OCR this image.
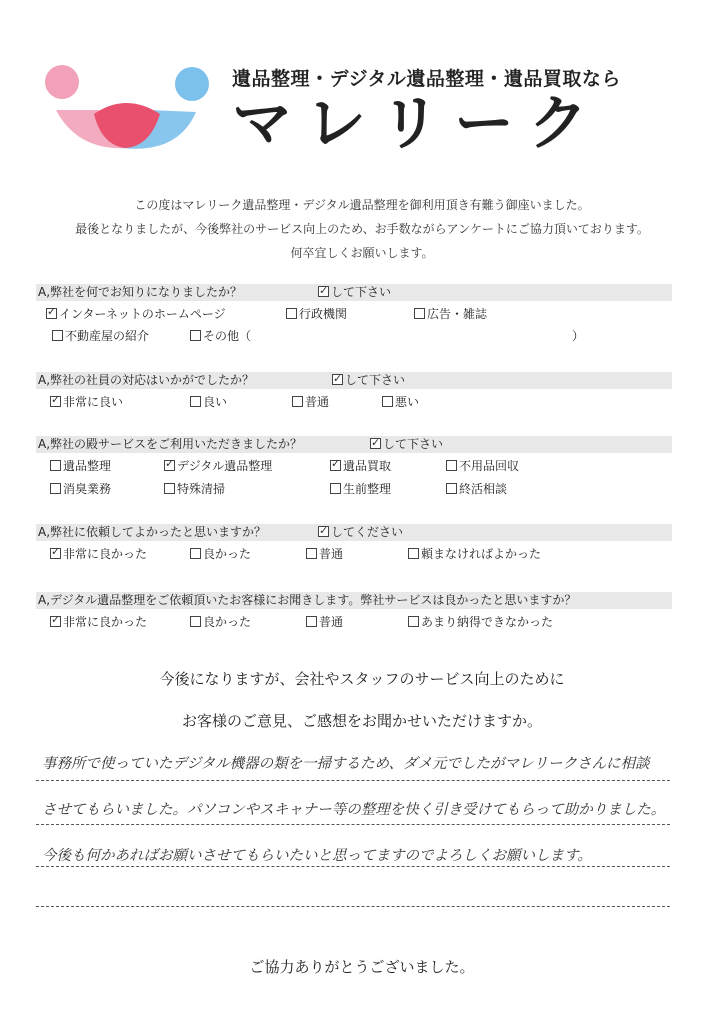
遺品整理・デジタル遺品整理・遺品買取なら
マレリーク
この度はマレリーク遺品整理・デジタル遺品整理を御利用頂き有難う御座いました。
最後となりましたが、今後弊社のサービス向上のため、お手数ながらアンケートにご協力頂いております。
何卒宜しくお願いします。
A,弊社を何でお知りになりましたか？ ✓	して下さい
✓インターネットのホームページ	行政機関	広告・雑誌
不動産屋の紹介	その他（	）
A,弊社の社員の対応はいかがでしたか？ ✓	して下さい
✓非常に良い	良い	普通	悪い
A,弊社の殿サービスをご利用いただきましたか？ ✓	して下さい
遺品整理 ✓	デジタル遺品整理 ✓	遺品買取	不用品回収
消臭業務	特殊清掃	生前整理	終活相談
A,弊社に依頼してよかったと思いますか？ ✓	してください
✓非常に良かった	良かった	普通	頼まなければよかった
A,デジタル遺品整理をご依頼頂いたお客様にお聞きします。弊社サービスは良かったと思いますか？
✓非常に良かった	良かった	普通	あまり納得できなかった
今後になりますが、会社やスタッフのサービス向上のために
お客様のご意見、ご感想をお聞かせいただけますか。
事務所で使っていたデジタル機器の類を一掃するため、ダメ元でしたがマレリークさんに相談
させてもらいました。パソコンやスキャナー等の整理を快く引き受けてもらって助かりました。
今後も何かあればお願いさせてもらいたいと思ってますのでよろしくお願いします。
ご協力ありがとうございました。
